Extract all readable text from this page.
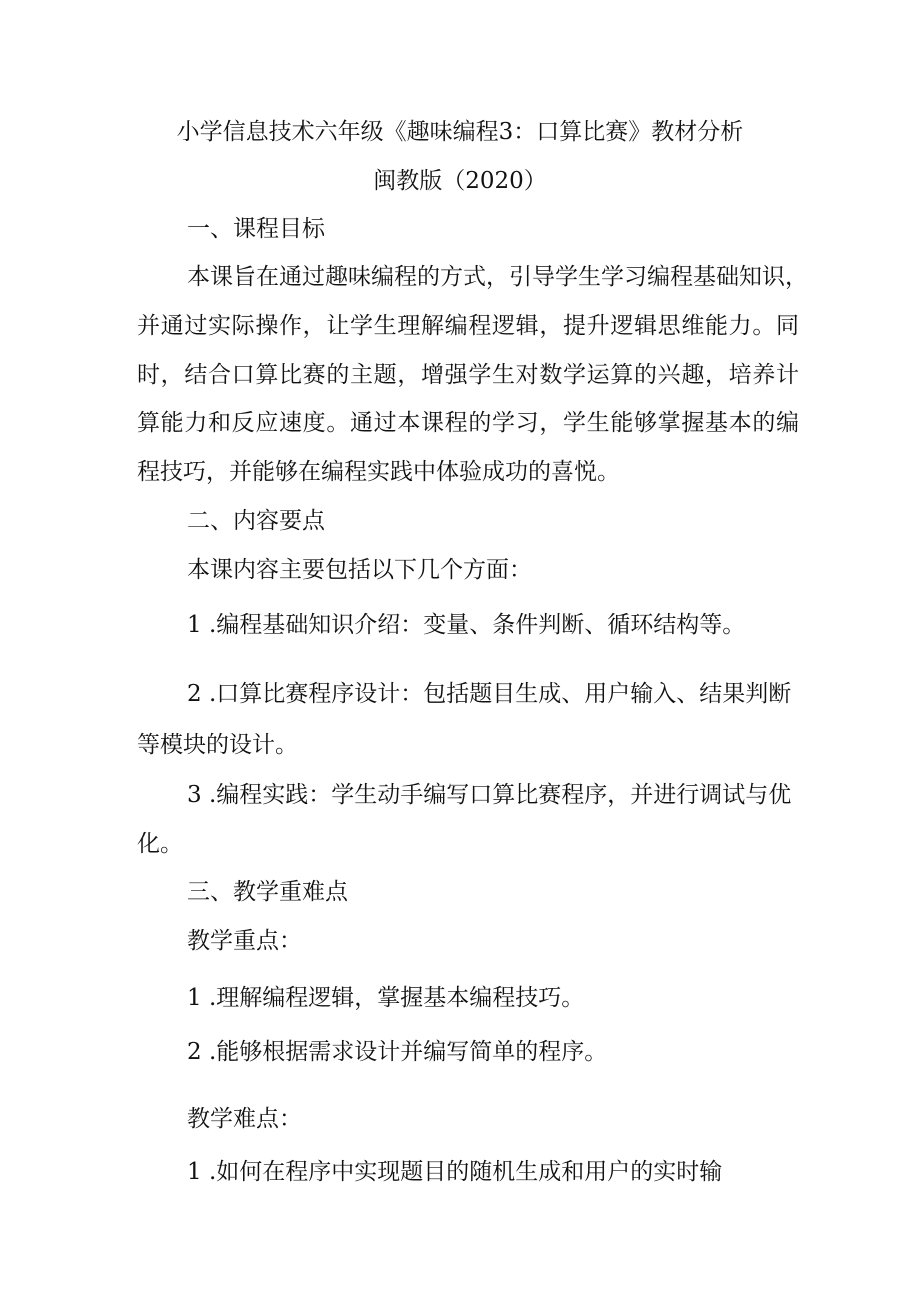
小学信息技术六年级《趣味编程3：口算比赛》教材分析
闽教版（2020）
一、课程目标
本课旨在通过趣味编程的方式，引导学生学习编程基础知识，
并通过实际操作，让学生理解编程逻辑，提升逻辑思维能力。同
时，结合口算比赛的主题，增强学生对数学运算的兴趣，培养计
算能力和反应速度。通过本课程的学习，学生能够掌握基本的编
程技巧，并能够在编程实践中体验成功的喜悦。
二、内容要点
本课内容主要包括以下几个方面：
1 .编程基础知识介绍：变量、条件判断、循环结构等。
2 .口算比赛程序设计：包括题目生成、用户输入、结果判断
等模块的设计。
3 .编程实践：学生动手编写口算比赛程序，并进行调试与优
化。
三、教学重难点
教学重点：
1 .理解编程逻辑，掌握基本编程技巧。
2 .能够根据需求设计并编写简单的程序。
教学难点：
1 .如何在程序中实现题目的随机生成和用户的实时输
